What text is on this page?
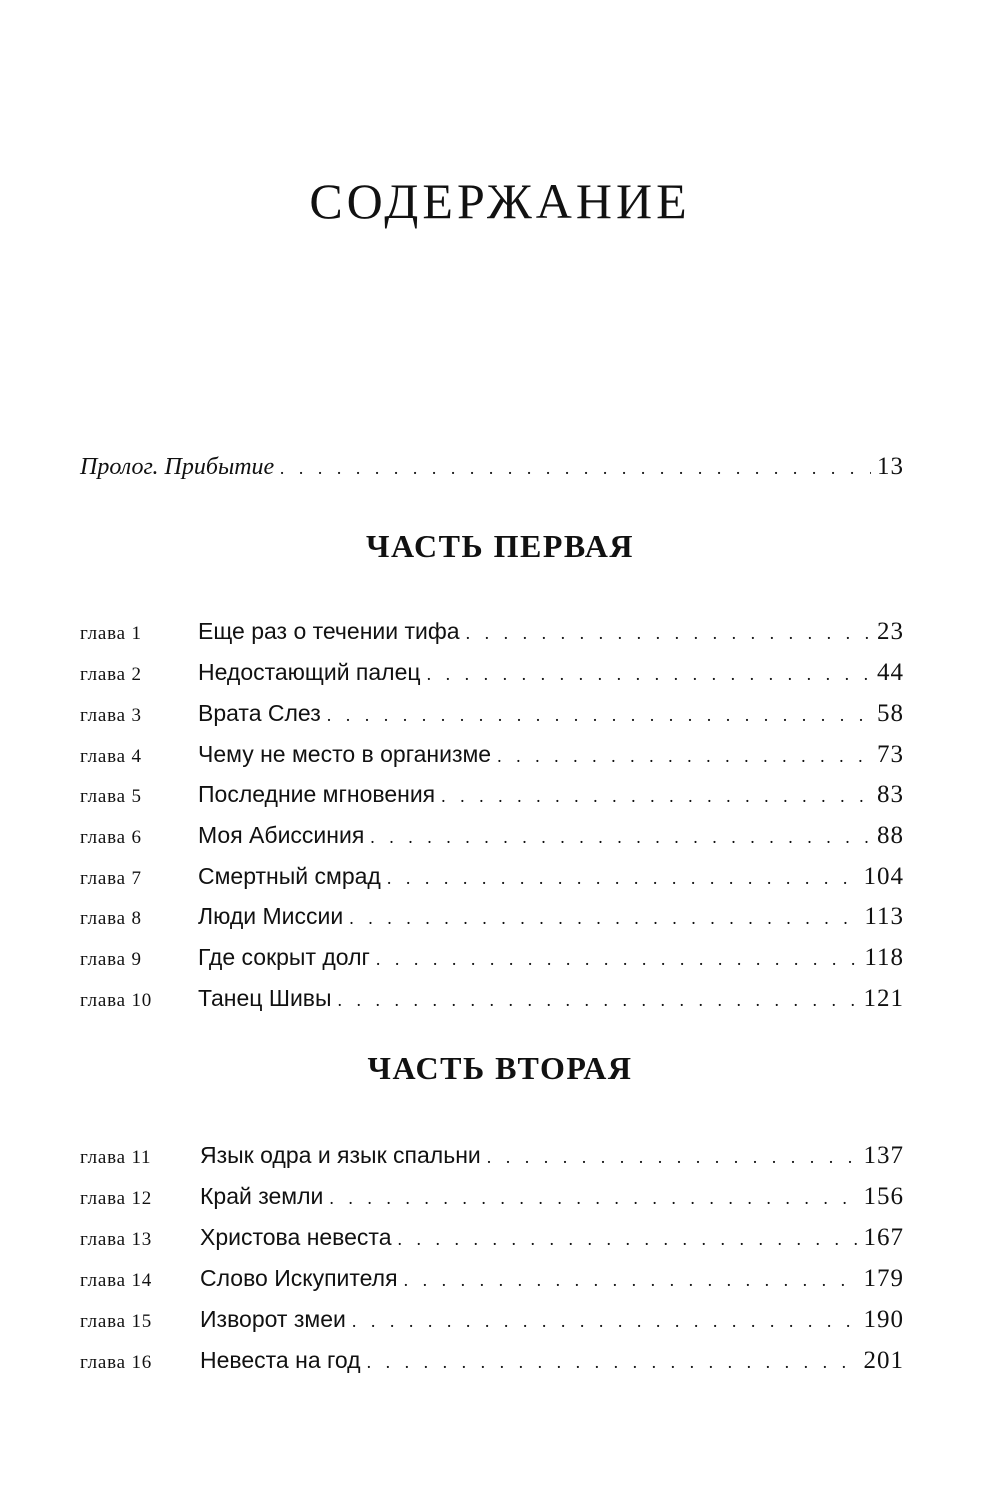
СОДЕРЖАНИЕ
Пролог. Прибытие . . .	13
ЧАСТЬ ПЕРВАЯ
глава 1	Еще раз о течении тифа . . .	23
глава 2	Недостающий палец . . .	44
глава 3	Врата Слез . . .	58
глава 4	Чему не место в организме . . .	73
глава 5	Последние мгновения . . .	83
глава 6	Моя Абиссиния . . .	88
глава 7	Смертный смрад . . .	104
глава 8	Люди Миссии . . .	113
глава 9	Где сокрыт долг . . .	118
глава 10	Танец Шивы . . .	121
ЧАСТЬ ВТОРАЯ
глава 11	Язык одра и язык спальни . . .	137
глава 12	Край земли . . .	156
глава 13	Христова невеста . . .	167
глава 14	Слово Искупителя . . .	179
глава 15	Изворот змеи . . .	190
глава 16	Невеста на год . . .	201
